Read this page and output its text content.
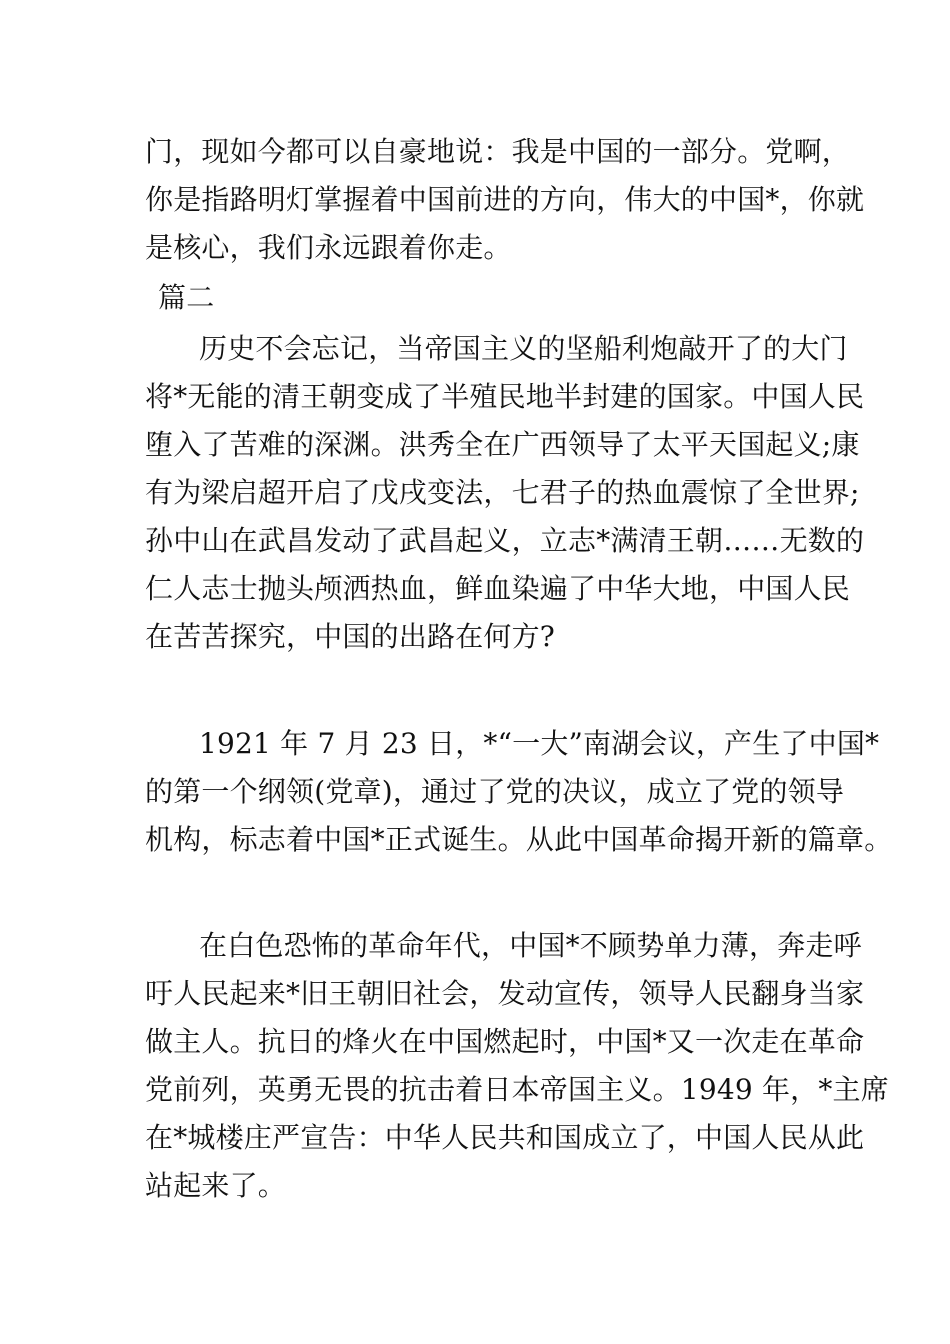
门，现如今都可以自豪地说：我是中国的一部分。党啊，
你是指路明灯掌握着中国前进的方向，伟大的中国*，你就
是核心，我们永远跟着你走。
篇二
历史不会忘记，当帝国主义的坚船利炮敲开了的大门
将*无能的清王朝变成了半殖民地半封建的国家。中国人民
堕入了苦难的深渊。洪秀全在广西领导了太平天国起义;康
有为梁启超开启了戊戌变法，七君子的热血震惊了全世界;
孙中山在武昌发动了武昌起义，立志*满清王朝……无数的
仁人志士抛头颅洒热血，鲜血染遍了中华大地，中国人民
在苦苦探究，中国的出路在何方?
1921 年 7 月 23 日，*“一大”南湖会议，产生了中国*
的第一个纲领(党章)，通过了党的决议，成立了党的领导
机构，标志着中国*正式诞生。从此中国革命揭开新的篇章。
在白色恐怖的革命年代，中国*不顾势单力薄，奔走呼
吁人民起来*旧王朝旧社会，发动宣传，领导人民翻身当家
做主人。抗日的烽火在中国燃起时，中国*又一次走在革命
党前列，英勇无畏的抗击着日本帝国主义。1949 年，*主席
在*城楼庄严宣告：中华人民共和国成立了，中国人民从此
站起来了。
